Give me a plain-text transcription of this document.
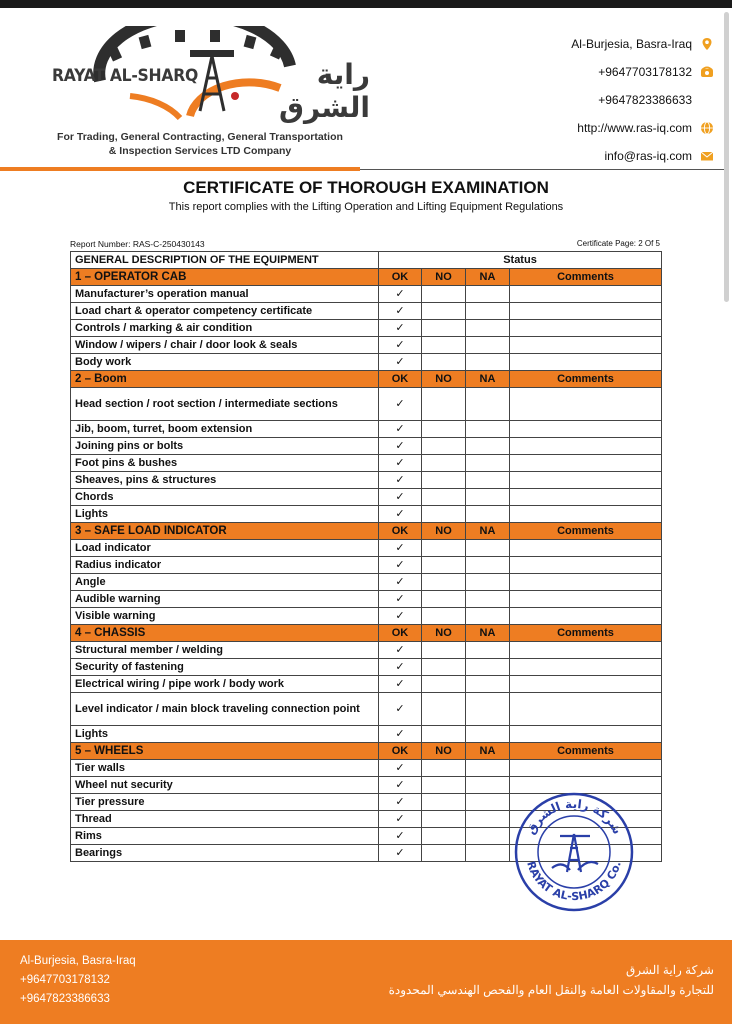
RAYAT AL-SHARQ	راية الشرق
For Trading, General Contracting, General Transportation
& Inspection Services LTD Company
Al-Burjesia, Basra-Iraq
+9647703178132
+9647823386633
http://www.ras-iq.com
info@ras-iq.com
CERTIFICATE OF THOROUGH EXAMINATION
This report complies with the Lifting Operation and Lifting Equipment Regulations
Report Number: RAS-C-250430143	Certificate Page: 2 Of 5
GENERAL DESCRIPTION OF THE EQUIPMENT	Status			
1 – OPERATOR CAB	OK	NO	NA	Comments
Manufacturer’s operation manual	✓			
Load chart & operator competency certificate	✓			
Controls / marking & air condition	✓			
Window / wipers / chair / door look & seals	✓			
Body work	✓			
2 – Boom	OK	NO	NA	Comments
Head section / root section / intermediate sections	✓			
Jib, boom, turret, boom extension	✓			
Joining pins or bolts	✓			
Foot pins & bushes	✓			
Sheaves, pins & structures	✓			
Chords	✓			
Lights	✓			
3 – SAFE LOAD INDICATOR	OK	NO	NA	Comments
Load indicator	✓			
Radius indicator	✓			
Angle	✓			
Audible warning	✓			
Visible warning	✓			
4 – CHASSIS	OK	NO	NA	Comments
Structural member / welding	✓			
Security of fastening	✓			
Electrical wiring / pipe work / body work	✓			
Level indicator / main block traveling connection point	✓			
Lights	✓			
5 – WHEELS	OK	NO	NA	Comments
Tier walls	✓			
Wheel nut security	✓			
Tier pressure	✓			
Thread	✓			
Rims	✓			
Bearings	✓			
شركة راية الشرق
RAYAT AL-SHARQ Co.
Al-Burjesia, Basra-Iraq
+9647703178132
+9647823386633
شركة راية الشرق
للتجارة والمقاولات العامة والنقل العام والفحص الهندسي المحدودة
